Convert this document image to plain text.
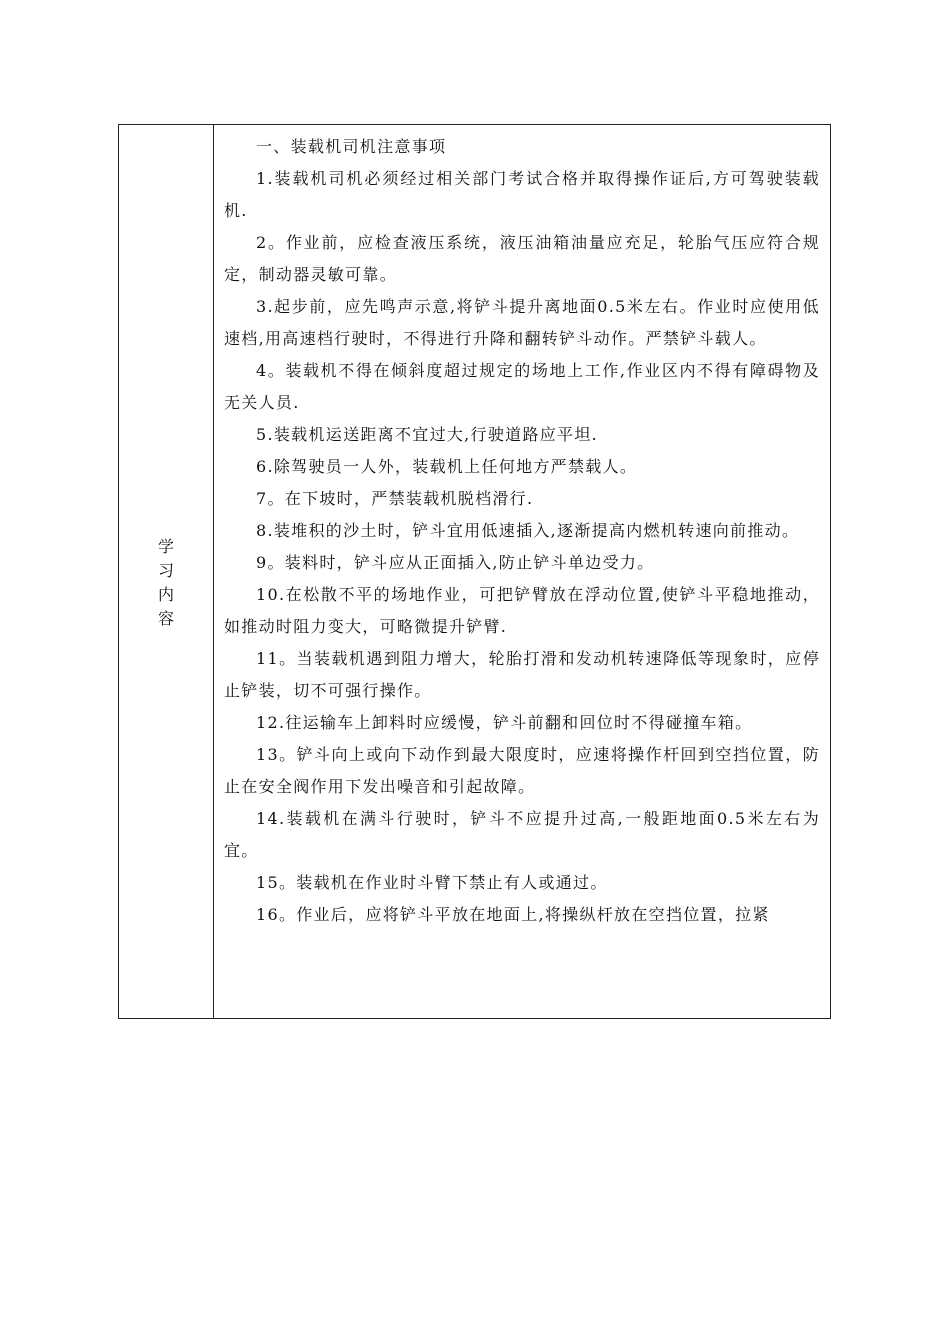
学
习
内
容

一、装载机司机注意事项

1.装载机司机必须经过相关部门考试合格并取得操作证后,方可驾驶装载机.

2。作业前，应检查液压系统，液压油箱油量应充足，轮胎气压应符合规定，制动器灵敏可靠。

3.起步前，应先鸣声示意,将铲斗提升离地面0.5米左右。作业时应使用低速档,用高速档行驶时，不得进行升降和翻转铲斗动作。严禁铲斗载人。

4。装载机不得在倾斜度超过规定的场地上工作,作业区内不得有障碍物及无关人员.

5.装载机运送距离不宜过大,行驶道路应平坦.

6.除驾驶员一人外，装载机上任何地方严禁载人。

7。在下坡时，严禁装载机脱档滑行.

8.装堆积的沙土时，铲斗宜用低速插入,逐渐提高内燃机转速向前推动。

9。装料时，铲斗应从正面插入,防止铲斗单边受力。

10.在松散不平的场地作业，可把铲臂放在浮动位置,使铲斗平稳地推动，如推动时阻力变大，可略微提升铲臂.

11。当装载机遇到阻力增大，轮胎打滑和发动机转速降低等现象时，应停止铲装，切不可强行操作。

12.往运输车上卸料时应缓慢，铲斗前翻和回位时不得碰撞车箱。

13。铲斗向上或向下动作到最大限度时，应速将操作杆回到空挡位置，防止在安全阀作用下发出噪音和引起故障。

14.装载机在满斗行驶时，铲斗不应提升过高,一般距地面0.5米左右为宜。

15。装载机在作业时斗臂下禁止有人或通过。

16。作业后，应将铲斗平放在地面上,将操纵杆放在空挡位置，拉紧
